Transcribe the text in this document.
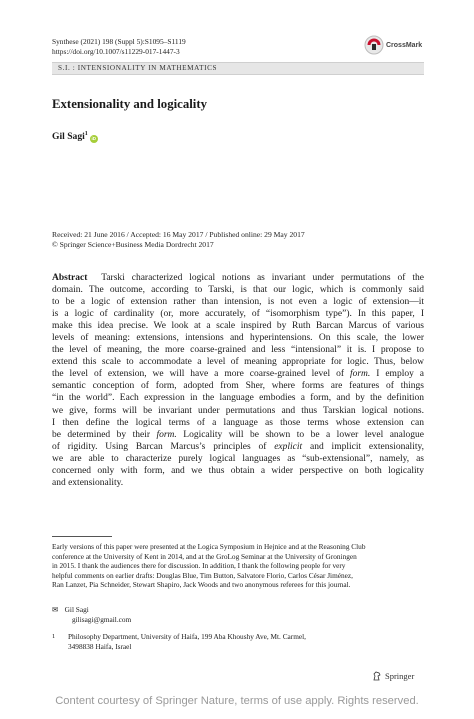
Synthese (2021) 198 (Suppl 5):S1095–S1119
https://doi.org/10.1007/s11229-017-1447-3
CrossMark
S.I. : INTENSIONALITY IN MATHEMATICS
Extensionality and logicality
Gil Sagi$^1$iD
Received: 21 June 2016 / Accepted: 16 May 2017 / Published online: 29 May 2017
© Springer Science+Business Media Dordrecht 2017
Abstract Tarski characterized logical notions as invariant under permutations of the
domain. The outcome, according to Tarski, is that our logic, which is commonly said
to be a logic of extension rather than intension, is not even a logic of extension—it
is a logic of cardinality (or, more accurately, of “isomorphism type”). In this paper, I
make this idea precise. We look at a scale inspired by Ruth Barcan Marcus of various
levels of meaning: extensions, intensions and hyperintensions. On this scale, the lower
the level of meaning, the more coarse-grained and less “intensional” it is. I propose to
extend this scale to accommodate a level of meaning appropriate for logic. Thus, below
the level of extension, we will have a more coarse-grained level of form. I employ a
semantic conception of form, adopted from Sher, where forms are features of things
“in the world”. Each expression in the language embodies a form, and by the definition
we give, forms will be invariant under permutations and thus Tarskian logical notions.
I then define the logical terms of a language as those terms whose extension can
be determined by their form. Logicality will be shown to be a lower level analogue
of rigidity. Using Barcan Marcus’s principles of explicit and implicit extensionality,
we are able to characterize purely logical languages as “sub-extensional”, namely, as
concerned only with form, and we thus obtain a wider perspective on both logicality
and extensionality.
Early versions of this paper were presented at the Logica Symposium in Hejnice and at the Reasoning Club
conference at the University of Kent in 2014, and at the GroLog Seminar at the University of Groningen
in 2015. I thank the audiences there for discussion. In addition, I thank the following people for very
helpful comments on earlier drafts: Douglas Blue, Tim Button, Salvatore Florio, Carlos César Jiménez,
Ran Lanzet, Pia Schneider, Stewart Shapiro, Jack Woods and two anonymous referees for this journal.
✉ Gil Sagi
gilisagi@gmail.com
1 Philosophy Department, University of Haifa, 199 Aba Khoushy Ave, Mt. Carmel,
3498838 Haifa, Israel
Springer
Content courtesy of Springer Nature, terms of use apply. Rights reserved.
